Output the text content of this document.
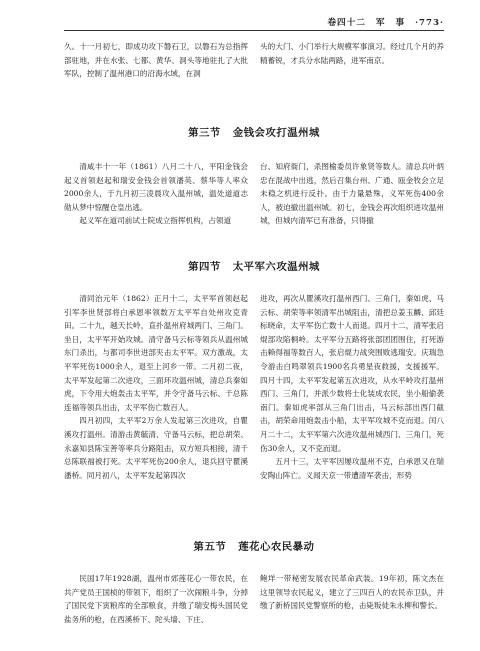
卷四十二 军 事 ·773·

久。十一月初七，即成功攻下磐石卫，以磐石为总指挥部驻地，并在水张、七都、黄华、洞头等地驻扎了大批军队，控制了温州港口的沿海水域，在洞

头的大门、小门举行大规模军事演习。经过几个月的养精蓄锐，才兵分水陆两路，进军南京。

第三节 金钱会攻打温州城

清咸丰十一年（1861）八月二十八，平阳金钱会起义首领赵起和瑞安金钱会首领潘英、蔡华等人率众2000余人，于九月初三凌晨攻入温州城，温处道道志勋从梦中惊醒仓皇出逃。

起义军在道司前试士院成立指挥机构，占领道

台、知府衙门，杀图榆委员许象贤等数人。清总兵叶炳忠在混战中出逃，然后召集台州、广通、瓯金牧会立足未稳之机进行反扑。由于力量悬殊，义军死伤400余人，被迫撤出温州城。初七，金钱会再次组织进攻温州城，但城内清军已有准备，只得撤

第四节 太平军六攻温州城

清同治元年（1862）正月十二，太平军首领赵起引军李世贤部将白承恩率领数万太平军自处州攻克青田。二十九，越天长岭，直扑温州府城两门、三角门。坐日，太平军开始攻城。清守备马云标等领兵从温州城东门杀出，与都司李世进部夹击太平军。双方激战，太平军死伤1000余人，退至上河乡一带。二月初二夜，太平军发起第二次进攻，三面环攻温州城，清总兵秦如虎，下令用大炮轰击太平军，并令守备马云标、千总陈连福等领兵出击，太平军伤亡数百人。

四月初四，太平军2万余人发起第三次进攻，自瞿溪攻打温州。清游击黄毓清、守备马云标，把总胡荣、永嘉知县陈宝善等率兵分路阻击，双方短兵相接，清千总陈联福被打死。太平军死伤200余人，退兵回守瞿溪潘桥。同月初八，太平军发起第四次

进攻，再次从瞿溪攻打温州西门、三角门，秦如虎、马云标、胡荣等率领清军出城阻击，清把总姜玉麟、邱廷标晓命，太平军伤亡数十人而退。四月十二，清军张启焜部攻陷桐岭。太平军分五路将张部团团围住，打死游击赖得福等数百人，张启焜力战突围败逃瑞安。庆瑞急令游击白鸣翠领兵1900名兵勇星夜救援，支援援军。四月十四，太平军发起第五次进攻，从水平岭攻打温州西门、三角门，并派少数将士化装成农民，坐小船偷袭南门。秦如虎率部从三角门出击，马云标部出西门截击，胡荣命用炮轰击小船，太平军攻城不克而退。闰八月二十二，太平军第六次进攻温州城西门、三角门，死伤30余人，又不克而退。

五月十三，太平军因屡攻温州不克，白承恩又在瑞安陶山阵亡。义闻天京一带遭清军袭击，形势

第五节 莲花心农民暴动

民国17年1928湖，温州市郊莲花心一带农民，在共产党员王国桢的带领下，组织了一次闹粮斗争，分掉了国民党下寅粮库的全部粮食，并缴了瑞安梅头国民党盐务所的枪，在西溪桥下、陀头墙、下庄、

鲍垟一带秘密发展农民革命武装。19年初，陈文杰在这里领导农民起义，建立了三四百人的农民赤卫队，并缴了新桥国民党警察所的枪，击毙叛徒朱永柳和警长。
